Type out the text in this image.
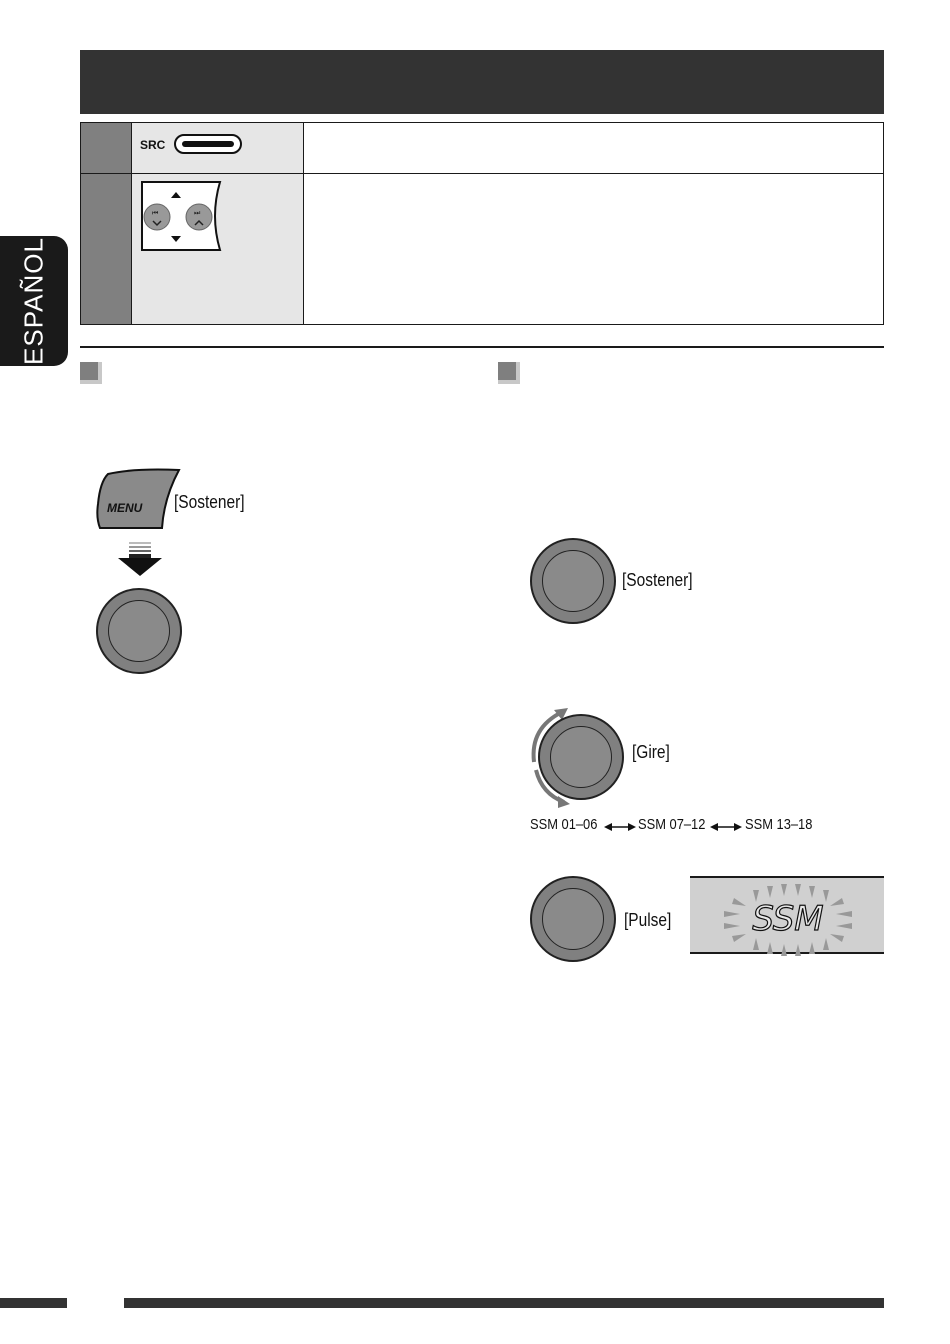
ESPAÑOL

SRC	

⏮ ⏭	

MENU [Sostener]
[Sostener]
[Gire]
SSM 01–06	SSM 07–12	SSM 13–18
[Pulse] SSM
